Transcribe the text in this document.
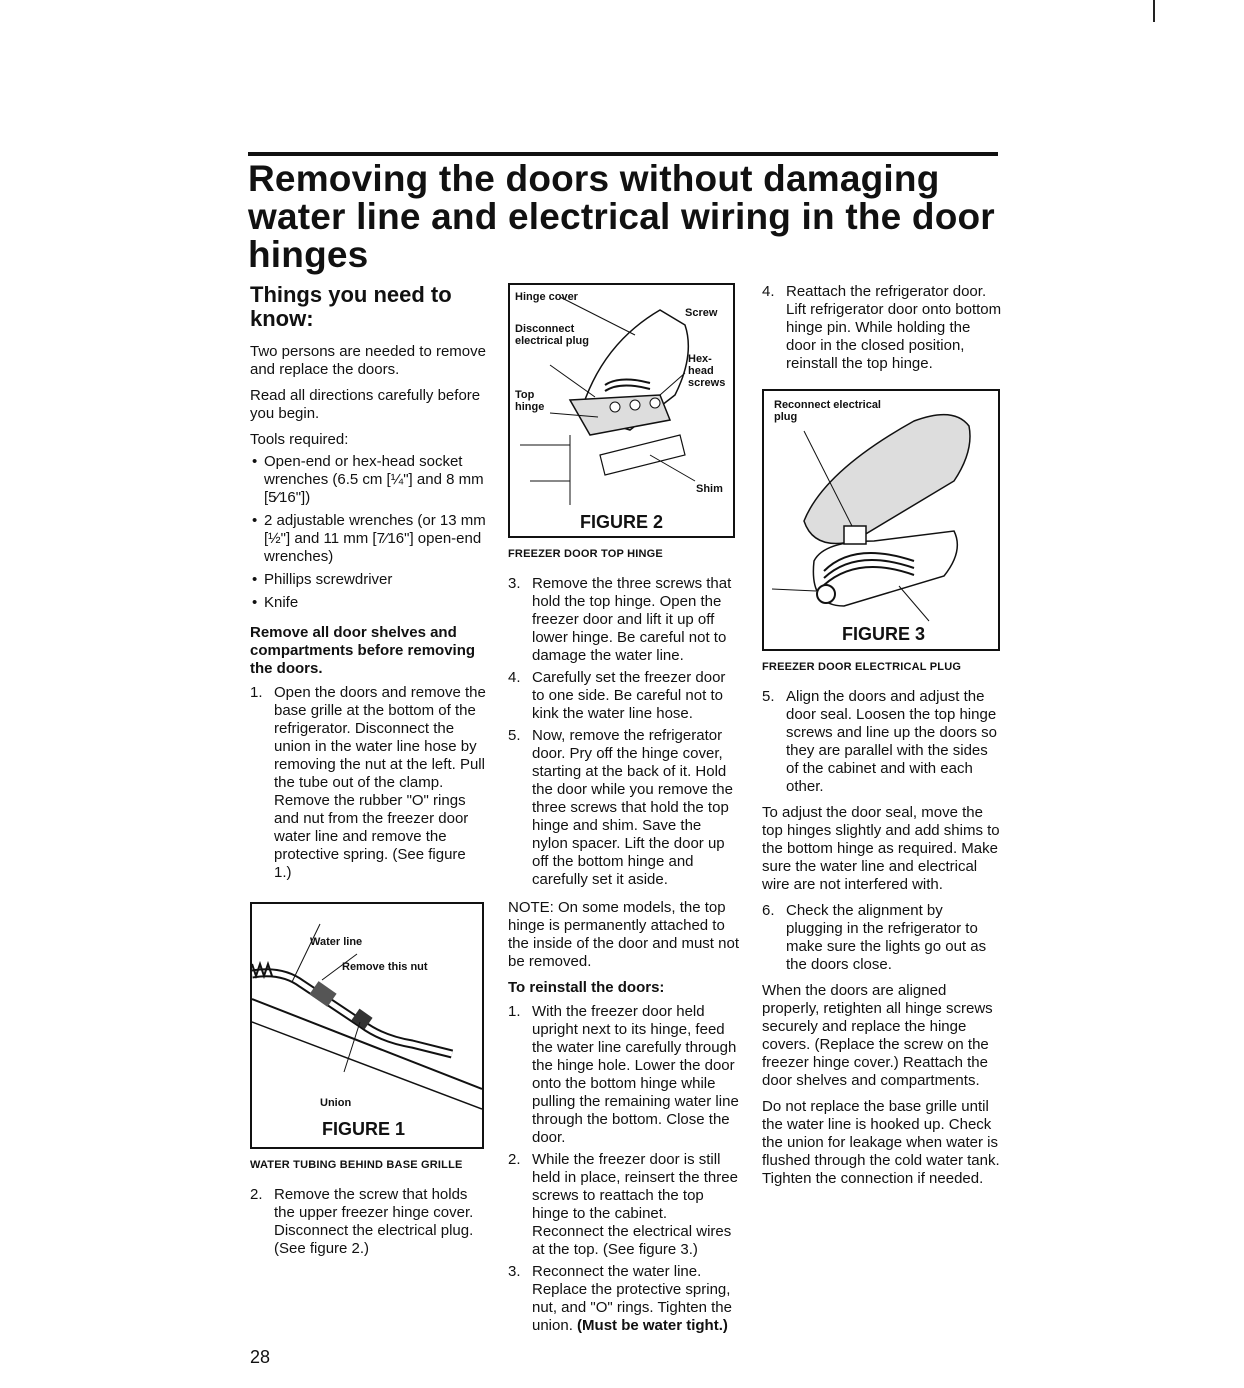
Removing the doors without damaging water line and electrical wiring in the door hinges
Things you need to know:

Two persons are needed to remove and replace the doors.

Read all directions carefully before you begin.

Tools required:

• Open-end or hex-head socket wrenches (6.5 cm [¼"] and 8 mm [5⁄16"])
• 2 adjustable wrenches (or 13 mm [½"] and 11 mm [7⁄16"] open-end wrenches)
• Phillips screwdriver
• Knife

Remove all door shelves and compartments before removing the doors.

1. Open the doors and remove the base grille at the bottom of the refrigerator. Disconnect the union in the water line hose by removing the nut at the left. Pull the tube out of the clamp. Remove the rubber "O" rings and nut from the freezer door water line and remove the protective spring. (See figure 1.)
Water line
Remove this nut
Union
FIGURE 1
WATER TUBING BEHIND BASE GRILLE
2. Remove the screw that holds the upper freezer hinge cover. Disconnect the electrical plug. (See figure 2.)
Hinge cover
Screw
Disconnect electrical plug
Hex-head screws
Top hinge
Shim
FIGURE 2
FREEZER DOOR TOP HINGE
3. Remove the three screws that hold the top hinge. Open the freezer door and lift it up off lower hinge. Be careful not to damage the water line.
4. Carefully set the freezer door to one side. Be careful not to kink the water line hose.
5. Now, remove the refrigerator door. Pry off the hinge cover, starting at the back of it. Hold the door while you remove the three screws that hold the top hinge and shim. Save the nylon spacer. Lift the door up off the bottom hinge and carefully set it aside.

NOTE: On some models, the top hinge is permanently attached to the inside of the door and must not be removed.

To reinstall the doors:

1. With the freezer door held upright next to its hinge, feed the water line carefully through the hinge hole. Lower the door onto the bottom hinge while pulling the remaining water line through the bottom. Close the door.
2. While the freezer door is still held in place, reinsert the three screws to reattach the top hinge to the cabinet. Reconnect the electrical wires at the top. (See figure 3.)
3. Reconnect the water line. Replace the protective spring, nut, and "O" rings. Tighten the union. (Must be water tight.)
4. Reattach the refrigerator door. Lift refrigerator door onto bottom hinge pin. While holding the door in the closed position, reinstall the top hinge.
Reconnect electrical plug
FIGURE 3
FREEZER DOOR ELECTRICAL PLUG
5. Align the doors and adjust the door seal. Loosen the top hinge screws and line up the doors so they are parallel with the sides of the cabinet and with each other.

To adjust the door seal, move the top hinges slightly and add shims to the bottom hinge as required. Make sure the water line and electrical wire are not interfered with.

6. Check the alignment by plugging in the refrigerator to make sure the lights go out as the doors close.

When the doors are aligned properly, retighten all hinge screws securely and replace the hinge covers. (Replace the screw on the freezer hinge cover.) Reattach the door shelves and compartments.

Do not replace the base grille until the water line is hooked up. Check the union for leakage when water is flushed through the cold water tank. Tighten the connection if needed.

28
